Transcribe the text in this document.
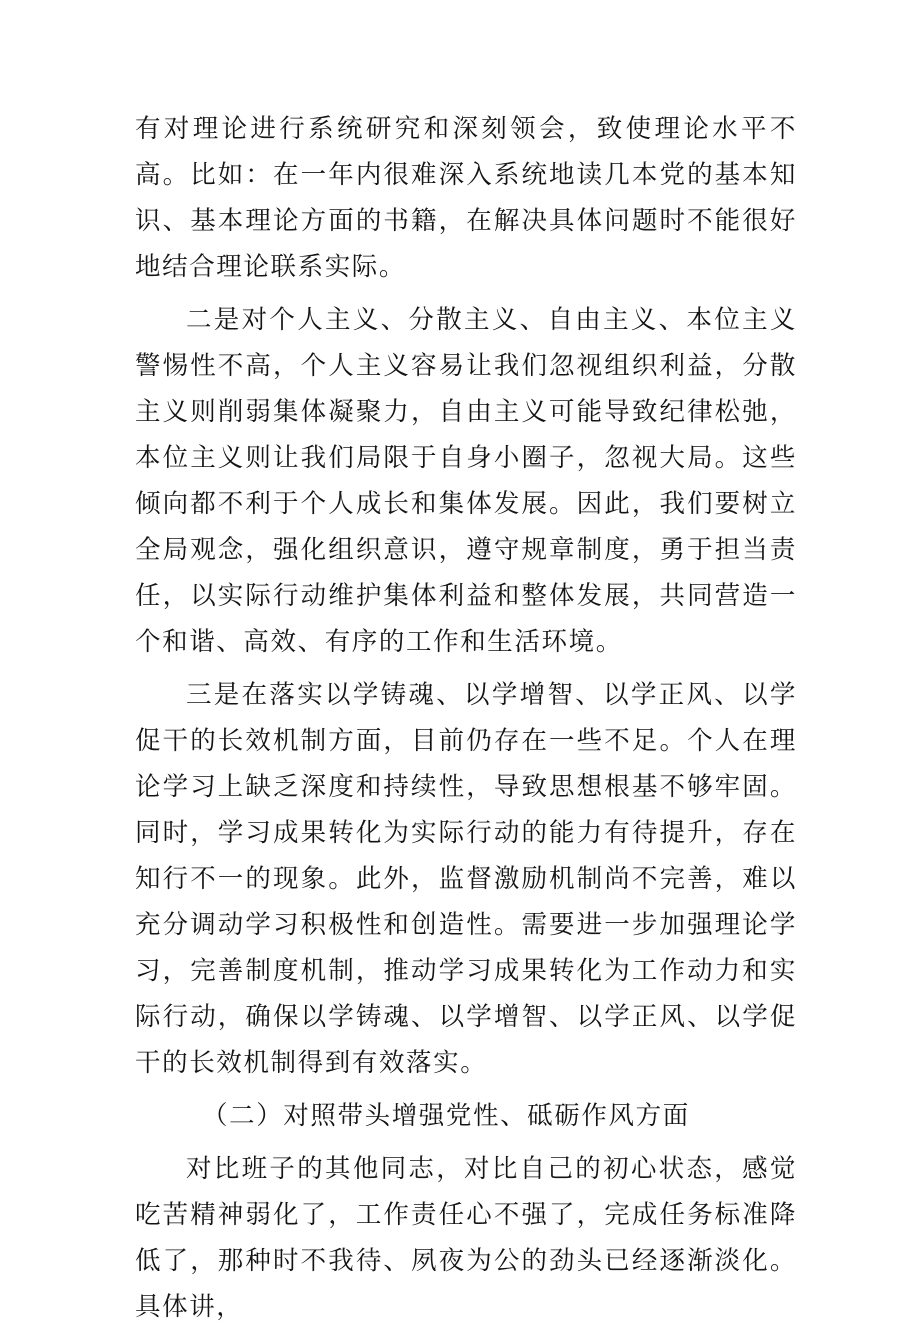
有对理论进行系统研究和深刻领会，致使理论水平不高。比如：在一年内很难深入系统地读几本党的基本知识、基本理论方面的书籍，在解决具体问题时不能很好地结合理论联系实际。

二是对个人主义、分散主义、自由主义、本位主义警惕性不高，个人主义容易让我们忽视组织利益，分散主义则削弱集体凝聚力，自由主义可能导致纪律松弛，本位主义则让我们局限于自身小圈子，忽视大局。这些倾向都不利于个人成长和集体发展。因此，我们要树立全局观念，强化组织意识，遵守规章制度，勇于担当责任，以实际行动维护集体利益和整体发展，共同营造一个和谐、高效、有序的工作和生活环境。

三是在落实以学铸魂、以学增智、以学正风、以学促干的长效机制方面，目前仍存在一些不足。个人在理论学习上缺乏深度和持续性，导致思想根基不够牢固。同时，学习成果转化为实际行动的能力有待提升，存在知行不一的现象。此外，监督激励机制尚不完善，难以充分调动学习积极性和创造性。需要进一步加强理论学习，完善制度机制，推动学习成果转化为工作动力和实际行动，确保以学铸魂、以学增智、以学正风、以学促干的长效机制得到有效落实。

（二）对照带头增强党性、砥砺作风方面

对比班子的其他同志，对比自己的初心状态，感觉吃苦精神弱化了，工作责任心不强了，完成任务标准降低了，那种时不我待、夙夜为公的劲头已经逐渐淡化。具体讲，
